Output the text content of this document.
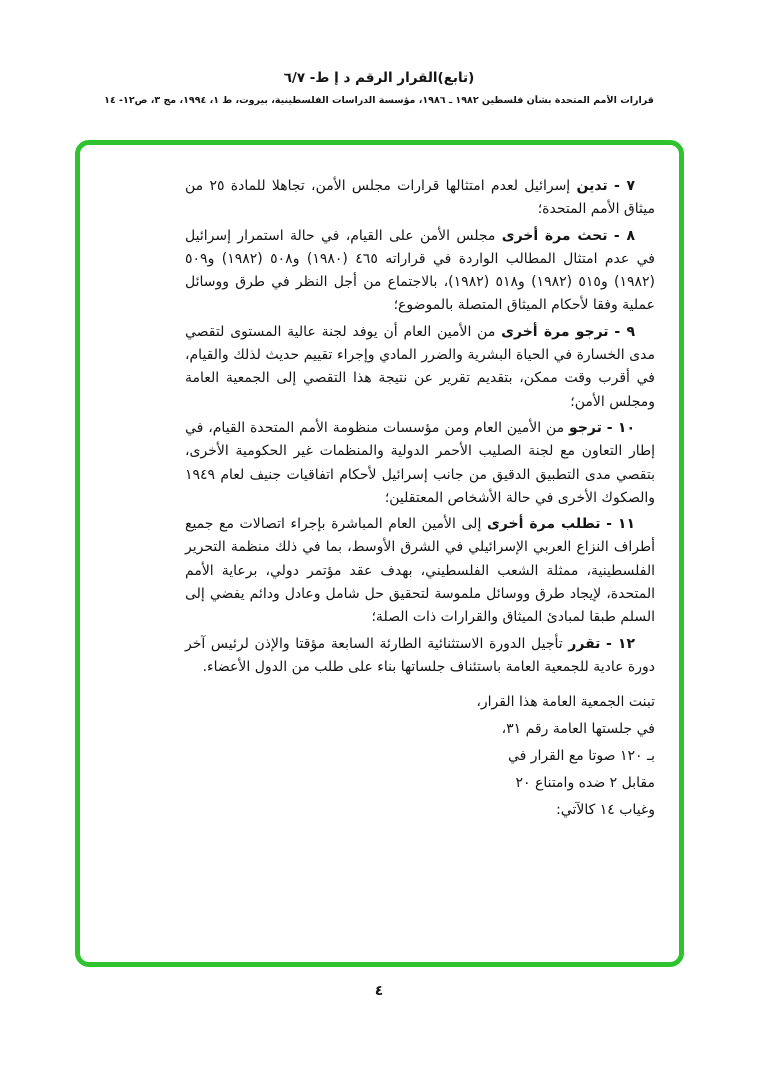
(تابع)القرار الرقم د إ ط- ٦/٧
قرارات الأمم المتحدة بشأن فلسطين ١٩٨٢ ـ ١٩٨٦، مؤسسة الدراسات الفلسطينية، بيروت، ط ١، ١٩٩٤، مج ٣، ص١٢- ١٤

٧ - تدين إسرائيل لعدم امتثالها قرارات مجلس الأمن، تجاهلا للمادة ٢٥ من ميثاق الأمم المتحدة؛

٨ - تحث مرة أخرى مجلس الأمن على القيام، في حالة استمرار إسرائيل في عدم امتثال المطالب الواردة في قراراته ٤٦٥ (١٩٨٠) و٥٠٨ (١٩٨٢) و٥٠٩ (١٩٨٢) و٥١٥ (١٩٨٢) و٥١٨ (١٩٨٢)، بالاجتماع من أجل النظر في طرق ووسائل عملية وفقا لأحكام الميثاق المتصلة بالموضوع؛

٩ - ترجو مرة أخرى من الأمين العام أن يوفد لجنة عالية المستوى لتقصي مدى الخسارة في الحياة البشرية والضرر المادي وإجراء تقييم حديث لذلك والقيام، في أقرب وقت ممكن، بتقديم تقرير عن نتيجة هذا التقصي إلى الجمعية العامة ومجلس الأمن؛

١٠ - ترجو من الأمين العام ومن مؤسسات منظومة الأمم المتحدة القيام، في إطار التعاون مع لجنة الصليب الأحمر الدولية والمنظمات غير الحكومية الأخرى، بتقصي مدى التطبيق الدقيق من جانب إسرائيل لأحكام اتفاقيات جنيف لعام ١٩٤٩ والصكوك الأخرى في حالة الأشخاص المعتقلين؛

١١ - تطلب مرة أخرى إلى الأمين العام المباشرة بإجراء اتصالات مع جميع أطراف النزاع العربي الإسرائيلي في الشرق الأوسط، بما في ذلك منظمة التحرير الفلسطينية، ممثلة الشعب الفلسطيني، بهدف عقد مؤتمر دولي، برعاية الأمم المتحدة، لإيجاد طرق ووسائل ملموسة لتحقيق حل شامل وعادل ودائم يفضي إلى السلم طبقا لمبادئ الميثاق والقرارات ذات الصلة؛

١٢ - تقرر تأجيل الدورة الاستثنائية الطارئة السابعة مؤقتا والإذن لرئيس آخر دورة عادية للجمعية العامة باستئناف جلساتها بناء على طلب من الدول الأعضاء.

تبنت الجمعية العامة هذا القرار،
في جلستها العامة رقم ٣١،
بـ ١٢٠ صوتا مع القرار في
مقابل ٢ ضده وامتناع ٢٠
وغياب ١٤ كالآتي:
٤
